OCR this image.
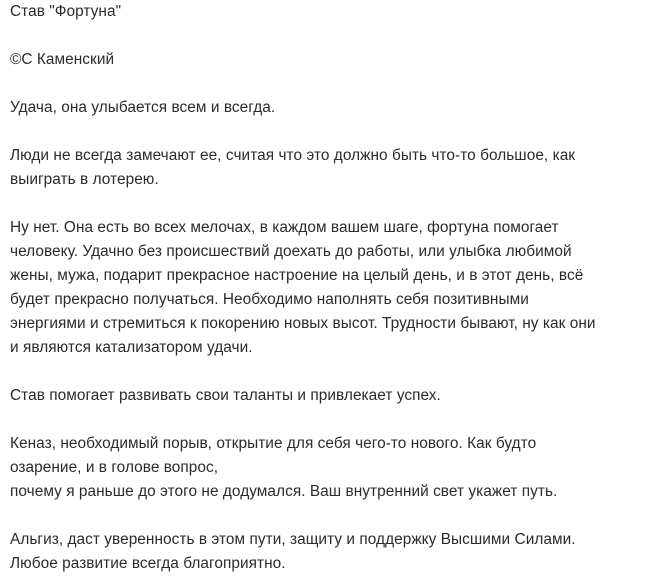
Став "Фортуна"

©С Каменский

Удача, она улыбается всем и всегда.

Люди не всегда замечают ее, считая что это должно быть что-то большое, как
выиграть в лотерею.

Ну нет. Она есть во всех мелочах, в каждом вашем шаге, фортуна помогает
человеку. Удачно без происшествий доехать до работы, или улыбка любимой
жены, мужа, подарит прекрасное настроение на целый день, и в этот день, всё
будет прекрасно получаться. Необходимо наполнять себя позитивными
энергиями и стремиться к покорению новых высот. Трудности бывают, ну как они
и являются катализатором удачи.

Став помогает развивать свои таланты и привлекает успех.

Кеназ, необходимый порыв, открытие для себя чего-то нового. Как будто
озарение, и в голове вопрос,
почему я раньше до этого не додумался. Ваш внутренний свет укажет путь.

Альгиз, даст уверенность в этом пути, защиту и поддержку Высшими Силами.
Любое развитие всегда благоприятно.
